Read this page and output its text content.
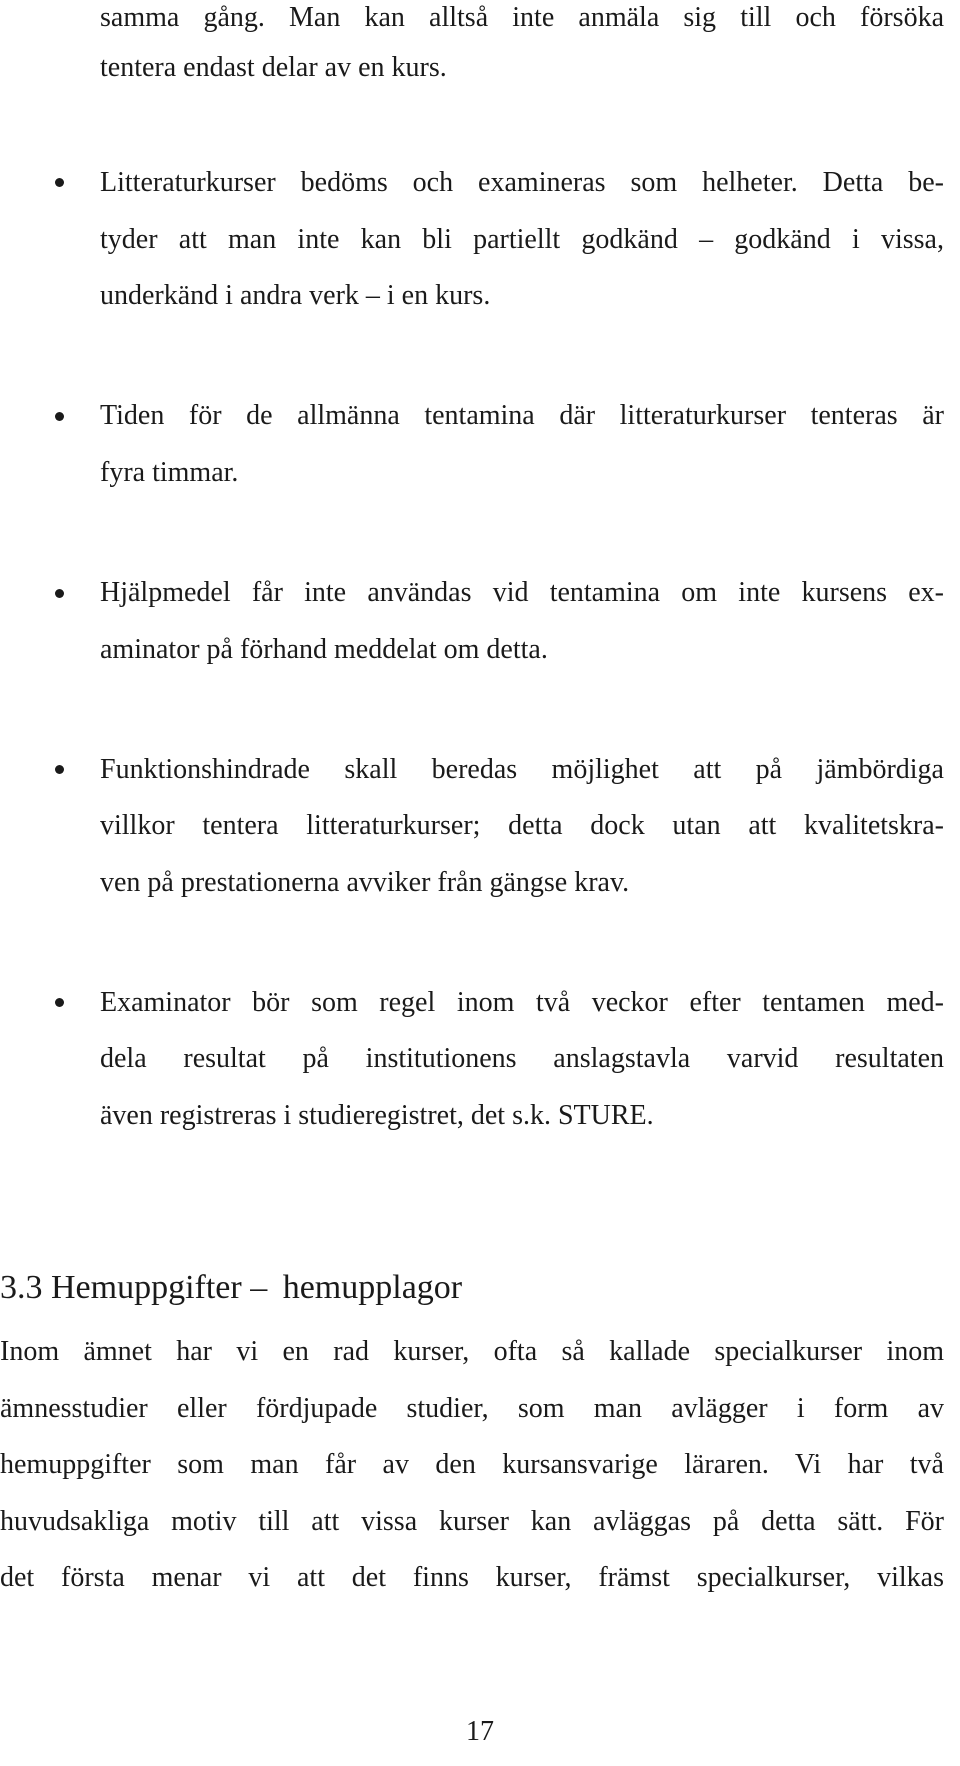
samma gång. Man kan alltså inte anmäla sig till och försöka
tentera endast delar av en kurs.
Litteraturkurser bedöms och examineras som helheter. Detta be-
tyder att man inte kan bli partiellt godkänd – godkänd i vissa,
underkänd i andra verk – i en kurs.
Tiden för de allmänna tentamina där litteraturkurser tenteras är
fyra timmar.
Hjälpmedel får inte användas vid tentamina om inte kursens ex-
aminator på förhand meddelat om detta.
Funktionshindrade skall beredas möjlighet att på jämbördiga
villkor tentera litteraturkurser; detta dock utan att kvalitetskra-
ven på prestationerna avviker från gängse krav.
Examinator bör som regel inom två veckor efter tentamen med-
dela resultat på institutionens anslagstavla varvid resultaten
även registreras i studieregistret, det s.k. STURE.
3.3 Hemuppgifter – hemupplagor
Inom ämnet har vi en rad kurser, ofta så kallade specialkurser inom
ämnesstudier eller fördjupade studier, som man avlägger i form av
hemuppgifter som man får av den kursansvarige läraren. Vi har två
huvudsakliga motiv till att vissa kurser kan avläggas på detta sätt. För
det första menar vi att det finns kurser, främst specialkurser, vilkas
17
